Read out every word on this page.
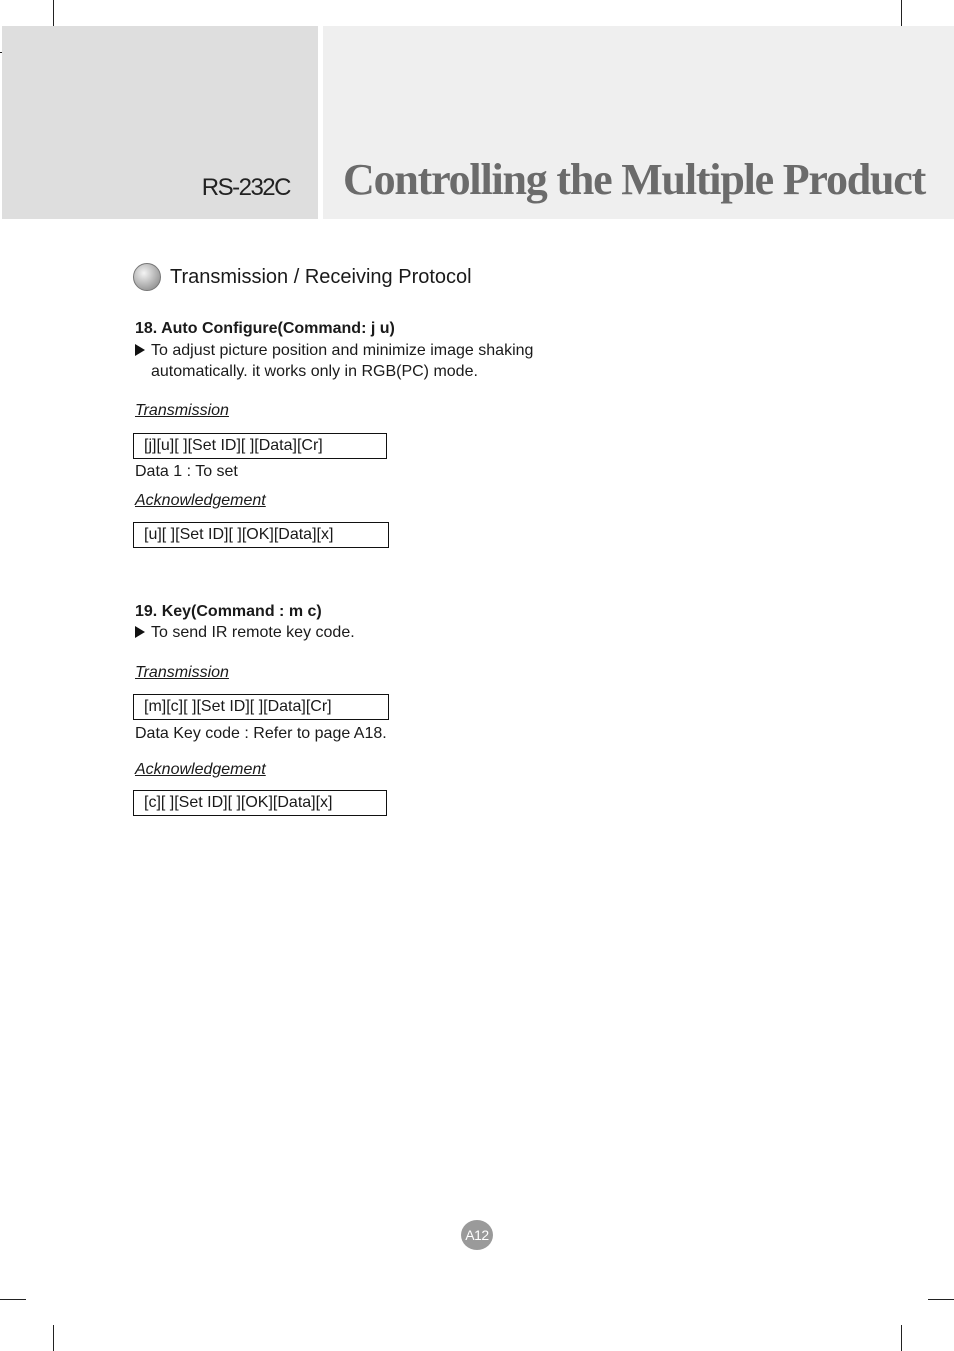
RS-232C Controlling the Multiple Product
Transmission / Receiving Protocol
18. Auto Configure(Command: j u)
To adjust picture position and minimize image shaking automatically. it works only in RGB(PC) mode.
Transmission
[j][u][ ][Set ID][ ][Data][Cr]
Data 1 : To set
Acknowledgement
[u][ ][Set ID][ ][OK][Data][x]
19. Key(Command : m c)
To send IR remote key code.
Transmission
[m][c][ ][Set ID][ ][Data][Cr]
Data Key code : Refer to page A18.
Acknowledgement
[c][ ][Set ID][ ][OK][Data][x]
A12
